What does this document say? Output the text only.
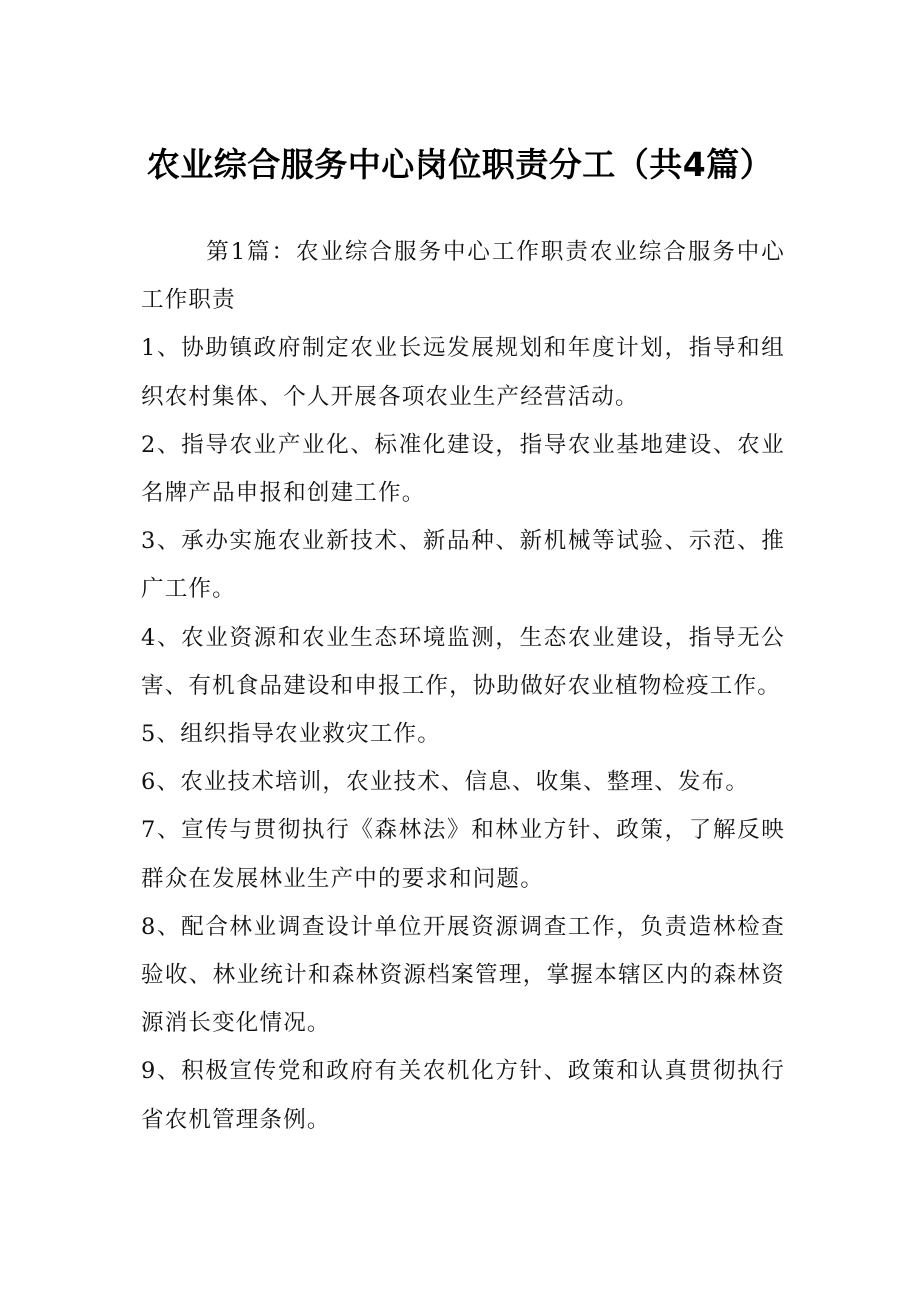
农业综合服务中心岗位职责分工（共4篇）

第1篇：农业综合服务中心工作职责农业综合服务中心工作职责

1、协助镇政府制定农业长远发展规划和年度计划，指导和组织农村集体、个人开展各项农业生产经营活动。

2、指导农业产业化、标准化建设，指导农业基地建设、农业名牌产品申报和创建工作。

3、承办实施农业新技术、新品种、新机械等试验、示范、推广工作。

4、农业资源和农业生态环境监测，生态农业建设，指导无公害、有机食品建设和申报工作，协助做好农业植物检疫工作。

5、组织指导农业救灾工作。

6、农业技术培训，农业技术、信息、收集、整理、发布。

7、宣传与贯彻执行《森林法》和林业方针、政策，了解反映群众在发展林业生产中的要求和问题。

8、配合林业调查设计单位开展资源调查工作，负责造林检查验收、林业统计和森林资源档案管理，掌握本辖区内的森林资源消长变化情况。

9、积极宣传党和政府有关农机化方针、政策和认真贯彻执行省农机管理条例。
